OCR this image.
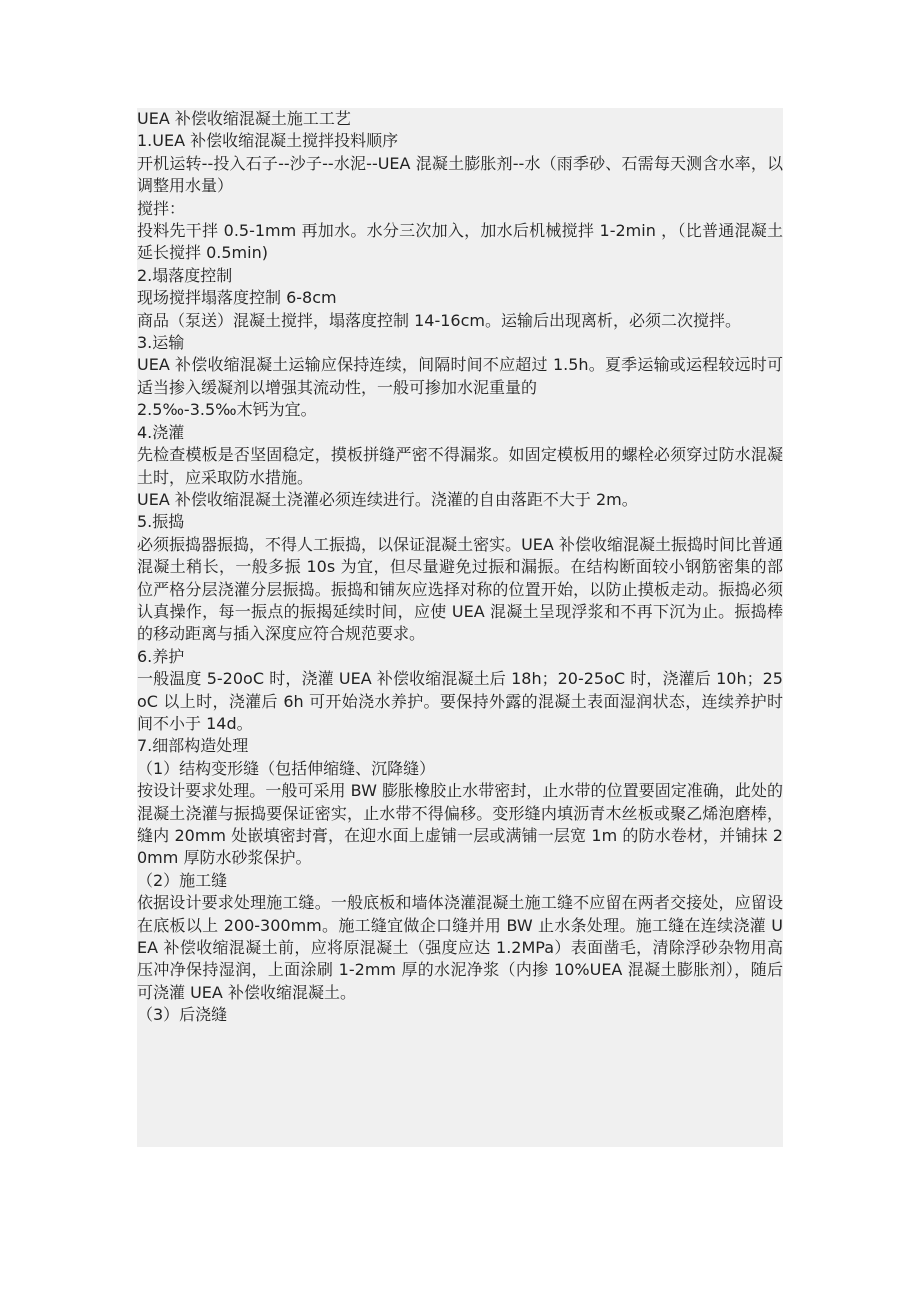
UEA 补偿收缩混凝土施工工艺

1.UEA 补偿收缩混凝土搅拌投料顺序

开机运转--投入石子--沙子--水泥--UEA 混凝土膨胀剂--水（雨季砂、石需每天测含水率，以调整用水量）

搅拌：

投料先干拌 0.5-1mm 再加水。水分三次加入，加水后机械搅拌 1-2min ，（比普通混凝土延长搅拌 0.5min)

2.塌落度控制

现场搅拌塌落度控制 6-8cm

商品（泵送）混凝土搅拌，塌落度控制 14-16cm。运输后出现离析，必须二次搅拌。

3.运输

UEA 补偿收缩混凝土运输应保持连续，间隔时间不应超过 1.5h。夏季运输或运程较远时可适当掺入缓凝剂以增强其流动性，一般可掺加水泥重量的

2.5‰-3.5‰木钙为宜。

4.浇灌

先检查模板是否坚固稳定，摸板拼缝严密不得漏浆。如固定模板用的螺栓必须穿过防水混凝土时，应采取防水措施。

UEA 补偿收缩混凝土浇灌必须连续进行。浇灌的自由落距不大于 2m。

5.振捣

必须振捣器振捣，不得人工振捣，以保证混凝土密实。UEA 补偿收缩混凝土振捣时间比普通混凝土稍长，一般多振 10s 为宜，但尽量避免过振和漏振。在结构断面较小钢筋密集的部位严格分层浇灌分层振捣。振捣和铺灰应选择对称的位置开始，以防止摸板走动。振捣必须认真操作，每一振点的振揭延续时间，应使 UEA 混凝土呈现浮浆和不再下沉为止。振捣棒的移动距离与插入深度应符合规范要求。

6.养护

一般温度 5-20oC 时，浇灌 UEA 补偿收缩混凝土后 18h；20-25oC 时，浇灌后 10h；25oC 以上时，浇灌后 6h 可开始浇水养护。要保持外露的混凝土表面湿润状态，连续养护时间不小于 14d。

7.细部构造处理

（1）结构变形缝（包括伸缩缝、沉降缝）

按设计要求处理。一般可采用 BW 膨胀橡胶止水带密封，止水带的位置要固定准确，此处的混凝土浇灌与振捣要保证密实，止水带不得偏移。变形缝内填沥青木丝板或聚乙烯泡磨棒，缝内 20mm 处嵌填密封膏，在迎水面上虚铺一层或满铺一层宽 1m 的防水卷材，并铺抹 20mm 厚防水砂浆保护。

（2）施工缝

依据设计要求处理施工缝。一般底板和墙体浇灌混凝土施工缝不应留在两者交接处，应留设在底板以上 200-300mm。施工缝宜做企口缝并用 BW 止水条处理。施工缝在连续浇灌 UEA 补偿收缩混凝土前，应将原混凝土（强度应达 1.2MPa）表面凿毛，清除浮砂杂物用高压冲净保持湿润，上面涂刷 1-2mm 厚的水泥净浆（内掺 10%UEA 混凝土膨胀剂），随后可浇灌 UEA 补偿收缩混凝土。

（3）后浇缝
